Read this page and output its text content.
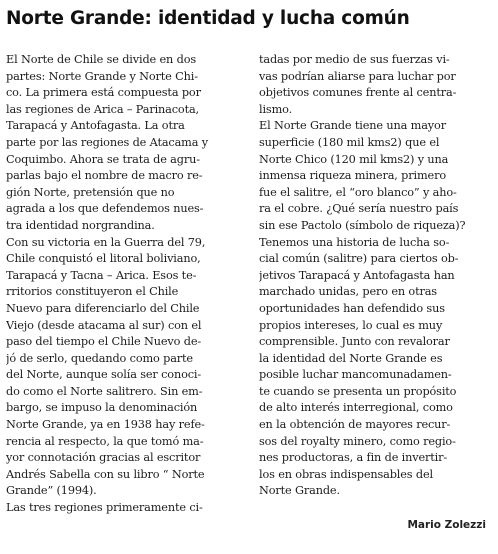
Norte Grande: identidad y lucha común
El Norte de Chile se divide en dos
partes: Norte Grande y Norte Chi-
co. La primera está compuesta por
las regiones de Arica – Parinacota,
Tarapacá y Antofagasta. La otra
parte por las regiones de Atacama y
Coquimbo. Ahora se trata de agru-
parlas bajo el nombre de macro re-
gión Norte, pretensión que no
agrada a los que defendemos nues-
tra identidad norgrandina.
Con su victoria en la Guerra del 79,
Chile conquistó el litoral boliviano,
Tarapacá y Tacna – Arica. Esos te-
rritorios constituyeron el Chile
Nuevo para diferenciarlo del Chile
Viejo (desde atacama al sur) con el
paso del tiempo el Chile Nuevo de-
jó de serlo, quedando como parte
del Norte, aunque solía ser conoci-
do como el Norte salitrero. Sin em-
bargo, se impuso la denominación
Norte Grande, ya en 1938 hay refe-
rencia al respecto, la que tomó ma-
yor connotación gracias al escritor
Andrés Sabella con su libro “ Norte
Grande” (1994).
Las tres regiones primeramente ci-
tadas por medio de sus fuerzas vi-
vas podrían aliarse para luchar por
objetivos comunes frente al centra-
lismo.
El Norte Grande tiene una mayor
superficie (180 mil kms2) que el
Norte Chico (120 mil kms2) y una
inmensa riqueza minera, primero
fue el salitre, el “oro blanco” y aho-
ra el cobre. ¿Qué sería nuestro país
sin ese Pactolo (símbolo de riqueza)?
Tenemos una historia de lucha so-
cial común (salitre) para ciertos ob-
jetivos Tarapacá y Antofagasta han
marchado unidas, pero en otras
oportunidades han defendido sus
propios intereses, lo cual es muy
comprensible. Junto con revalorar
la identidad del Norte Grande es
posible luchar mancomunadamen-
te cuando se presenta un propósito
de alto interés interregional, como
en la obtención de mayores recur-
sos del royalty minero, como regio-
nes productoras, a fin de invertir-
los en obras indispensables del
Norte Grande.
Mario Zolezzi
